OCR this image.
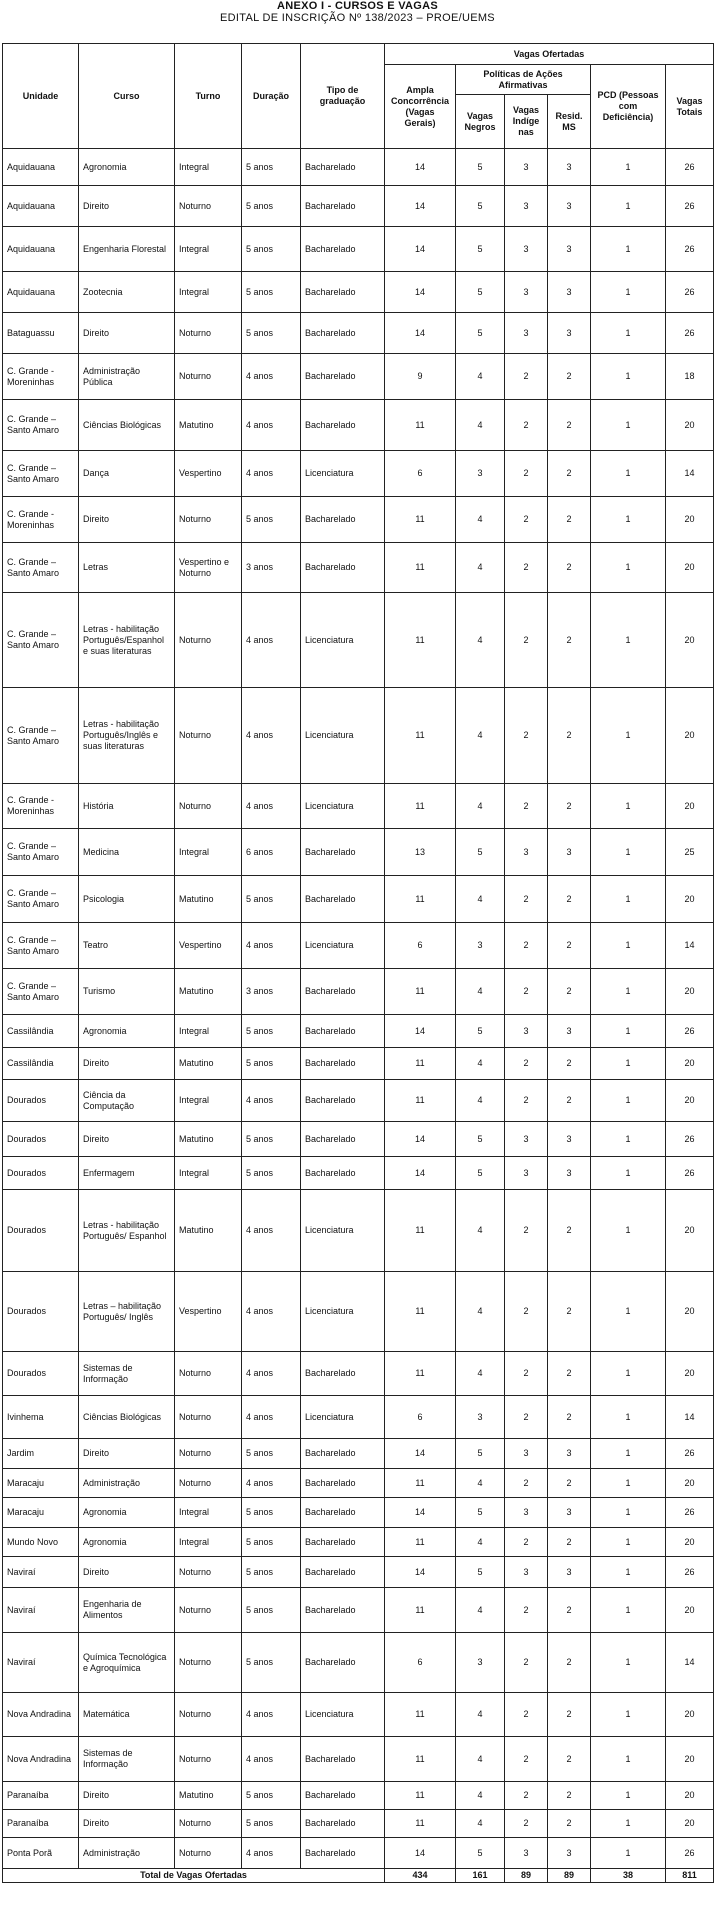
ANEXO I - CURSOS E VAGAS
EDITAL DE INSCRIÇÃO Nº 138/2023 – PROE/UEMS
Unidade	Curso	Turno	Duração	Tipo de graduação	Vagas Ofertadas					
					Ampla Concorrência (Vagas Gerais)	Políticas de Ações Afirmativas			PCD (Pessoas com Deficiência)	Vagas Totais
						Vagas Negros	Vagas Indíge nas	Resid. MS		
Aquidauana	Agronomia	Integral	5 anos	Bacharelado	14	5	3	3	1	26
Aquidauana	Direito	Noturno	5 anos	Bacharelado	14	5	3	3	1	26
Aquidauana	Engenharia Florestal	Integral	5 anos	Bacharelado	14	5	3	3	1	26
Aquidauana	Zootecnia	Integral	5 anos	Bacharelado	14	5	3	3	1	26
Bataguassu	Direito	Noturno	5 anos	Bacharelado	14	5	3	3	1	26
C. Grande - Moreninhas	Administração Pública	Noturno	4 anos	Bacharelado	9	4	2	2	1	18
C. Grande – Santo Amaro	Ciências Biológicas	Matutino	4 anos	Bacharelado	11	4	2	2	1	20
C. Grande – Santo Amaro	Dança	Vespertino	4 anos	Licenciatura	6	3	2	2	1	14
C. Grande - Moreninhas	Direito	Noturno	5 anos	Bacharelado	11	4	2	2	1	20
C. Grande – Santo Amaro	Letras	Vespertino e Noturno	3 anos	Bacharelado	11	4	2	2	1	20
C. Grande – Santo Amaro	Letras - habilitação Português/Espanhol e suas literaturas	Noturno	4 anos	Licenciatura	11	4	2	2	1	20
C. Grande – Santo Amaro	Letras - habilitação Português/Inglês e suas literaturas	Noturno	4 anos	Licenciatura	11	4	2	2	1	20
C. Grande - Moreninhas	História	Noturno	4 anos	Licenciatura	11	4	2	2	1	20
C. Grande – Santo Amaro	Medicina	Integral	6 anos	Bacharelado	13	5	3	3	1	25
C. Grande – Santo Amaro	Psicologia	Matutino	5 anos	Bacharelado	11	4	2	2	1	20
C. Grande – Santo Amaro	Teatro	Vespertino	4 anos	Licenciatura	6	3	2	2	1	14
C. Grande – Santo Amaro	Turismo	Matutino	3 anos	Bacharelado	11	4	2	2	1	20
Cassilândia	Agronomia	Integral	5 anos	Bacharelado	14	5	3	3	1	26
Cassilândia	Direito	Matutino	5 anos	Bacharelado	11	4	2	2	1	20
Dourados	Ciência da Computação	Integral	4 anos	Bacharelado	11	4	2	2	1	20
Dourados	Direito	Matutino	5 anos	Bacharelado	14	5	3	3	1	26
Dourados	Enfermagem	Integral	5 anos	Bacharelado	14	5	3	3	1	26
Dourados	Letras - habilitação Português/ Espanhol	Matutino	4 anos	Licenciatura	11	4	2	2	1	20
Dourados	Letras – habilitação Português/ Inglês	Vespertino	4 anos	Licenciatura	11	4	2	2	1	20
Dourados	Sistemas de Informação	Noturno	4 anos	Bacharelado	11	4	2	2	1	20
Ivinhema	Ciências Biológicas	Noturno	4 anos	Licenciatura	6	3	2	2	1	14
Jardim	Direito	Noturno	5 anos	Bacharelado	14	5	3	3	1	26
Maracaju	Administração	Noturno	4 anos	Bacharelado	11	4	2	2	1	20
Maracaju	Agronomia	Integral	5 anos	Bacharelado	14	5	3	3	1	26
Mundo Novo	Agronomia	Integral	5 anos	Bacharelado	11	4	2	2	1	20
Naviraí	Direito	Noturno	5 anos	Bacharelado	14	5	3	3	1	26
Naviraí	Engenharia de Alimentos	Noturno	5 anos	Bacharelado	11	4	2	2	1	20
Naviraí	Química Tecnológica e Agroquímica	Noturno	5 anos	Bacharelado	6	3	2	2	1	14
Nova Andradina	Matemática	Noturno	4 anos	Licenciatura	11	4	2	2	1	20
Nova Andradina	Sistemas de Informação	Noturno	4 anos	Bacharelado	11	4	2	2	1	20
Paranaíba	Direito	Matutino	5 anos	Bacharelado	11	4	2	2	1	20
Paranaíba	Direito	Noturno	5 anos	Bacharelado	11	4	2	2	1	20
Ponta Porã	Administração	Noturno	4 anos	Bacharelado	14	5	3	3	1	26
Total de Vagas Ofertadas					434	161	89	89	38	811
